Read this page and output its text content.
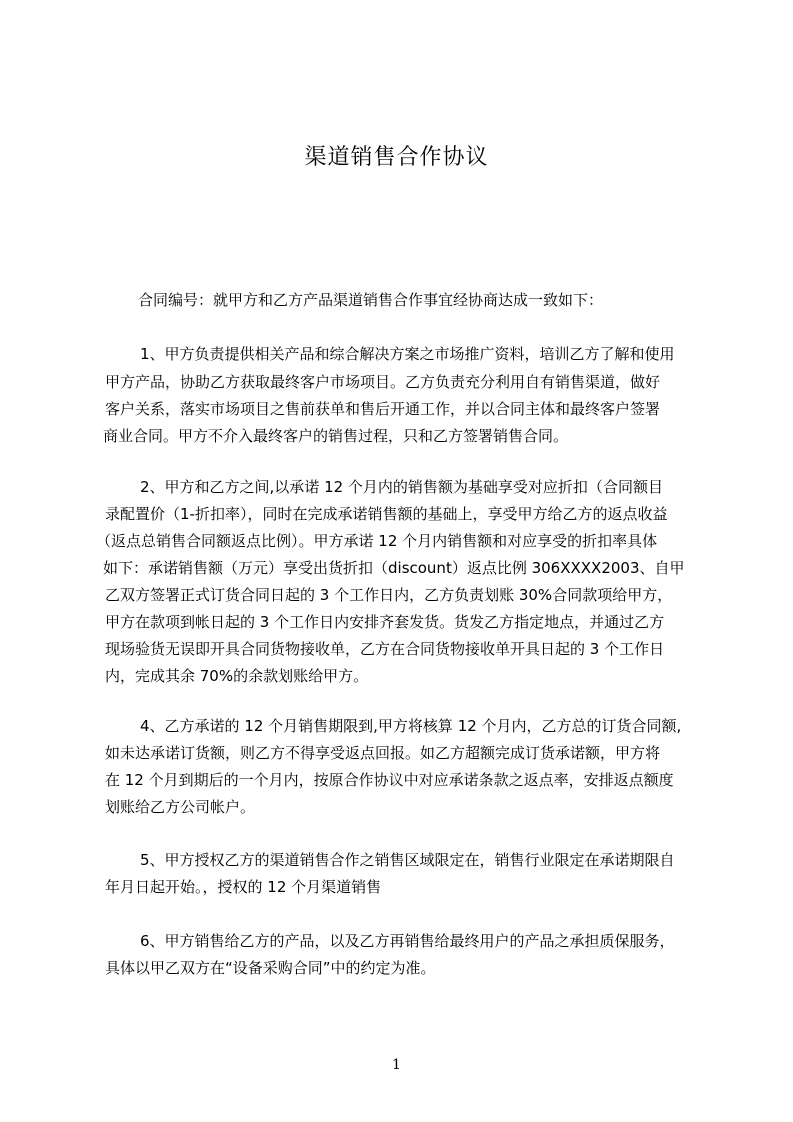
渠道销售合作协议
合同编号：就甲方和乙方产品渠道销售合作事宜经协商达成一致如下：
1、甲方负责提供相关产品和综合解决方案之市场推广资料，培训乙方了解和使用
甲方产品，协助乙方获取最终客户市场项目。乙方负责充分利用自有销售渠道，做好
客户关系，落实市场项目之售前获单和售后开通工作，并以合同主体和最终客户签署
商业合同。甲方不介入最终客户的销售过程，只和乙方签署销售合同。
2、甲方和乙方之间,以承诺 12 个月内的销售额为基础享受对应折扣（合同额目
录配置价（1-折扣率），同时在完成承诺销售额的基础上，享受甲方给乙方的返点收益
（返点总销售合同额返点比例）。甲方承诺 12 个月内销售额和对应享受的折扣率具体
如下：承诺销售额（万元）享受出货折扣（discount）返点比例 306XXXX2003、自甲
乙双方签署正式订货合同日起的 3 个工作日内，乙方负责划账 30%合同款项给甲方，
甲方在款项到帐日起的 3 个工作日内安排齐套发货。货发乙方指定地点，并通过乙方
现场验货无误即开具合同货物接收单，乙方在合同货物接收单开具日起的 3 个工作日
内，完成其余 70%的余款划账给甲方。
4、乙方承诺的 12 个月销售期限到,甲方将核算 12 个月内，乙方总的订货合同额,
如未达承诺订货额，则乙方不得享受返点回报。如乙方超额完成订货承诺额，甲方将
在 12 个月到期后的一个月内，按原合作协议中对应承诺条款之返点率，安排返点额度
划账给乙方公司帐户。
5、甲方授权乙方的渠道销售合作之销售区域限定在，销售行业限定在承诺期限自
年月日起开始。，授权的 12 个月渠道销售
6、甲方销售给乙方的产品，以及乙方再销售给最终用户的产品之承担质保服务，
具体以甲乙双方在“设备采购合同”中的约定为准。
1
